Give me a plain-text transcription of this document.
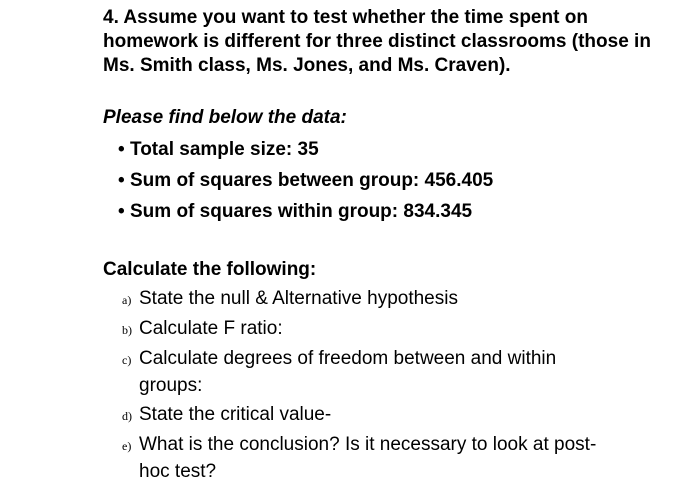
4. Assume you want to test whether the time spent on homework is different for three distinct classrooms (those in Ms. Smith class, Ms. Jones, and Ms. Craven).
Please find below the data:
• Total sample size: 35
• Sum of squares between group: 456.405
• Sum of squares within group: 834.345
Calculate the following:
a) State the null & Alternative hypothesis
b) Calculate F ratio:
c) Calculate degrees of freedom between and within groups:
d) State the critical value-
e) What is the conclusion? Is it necessary to look at post-hoc test?
